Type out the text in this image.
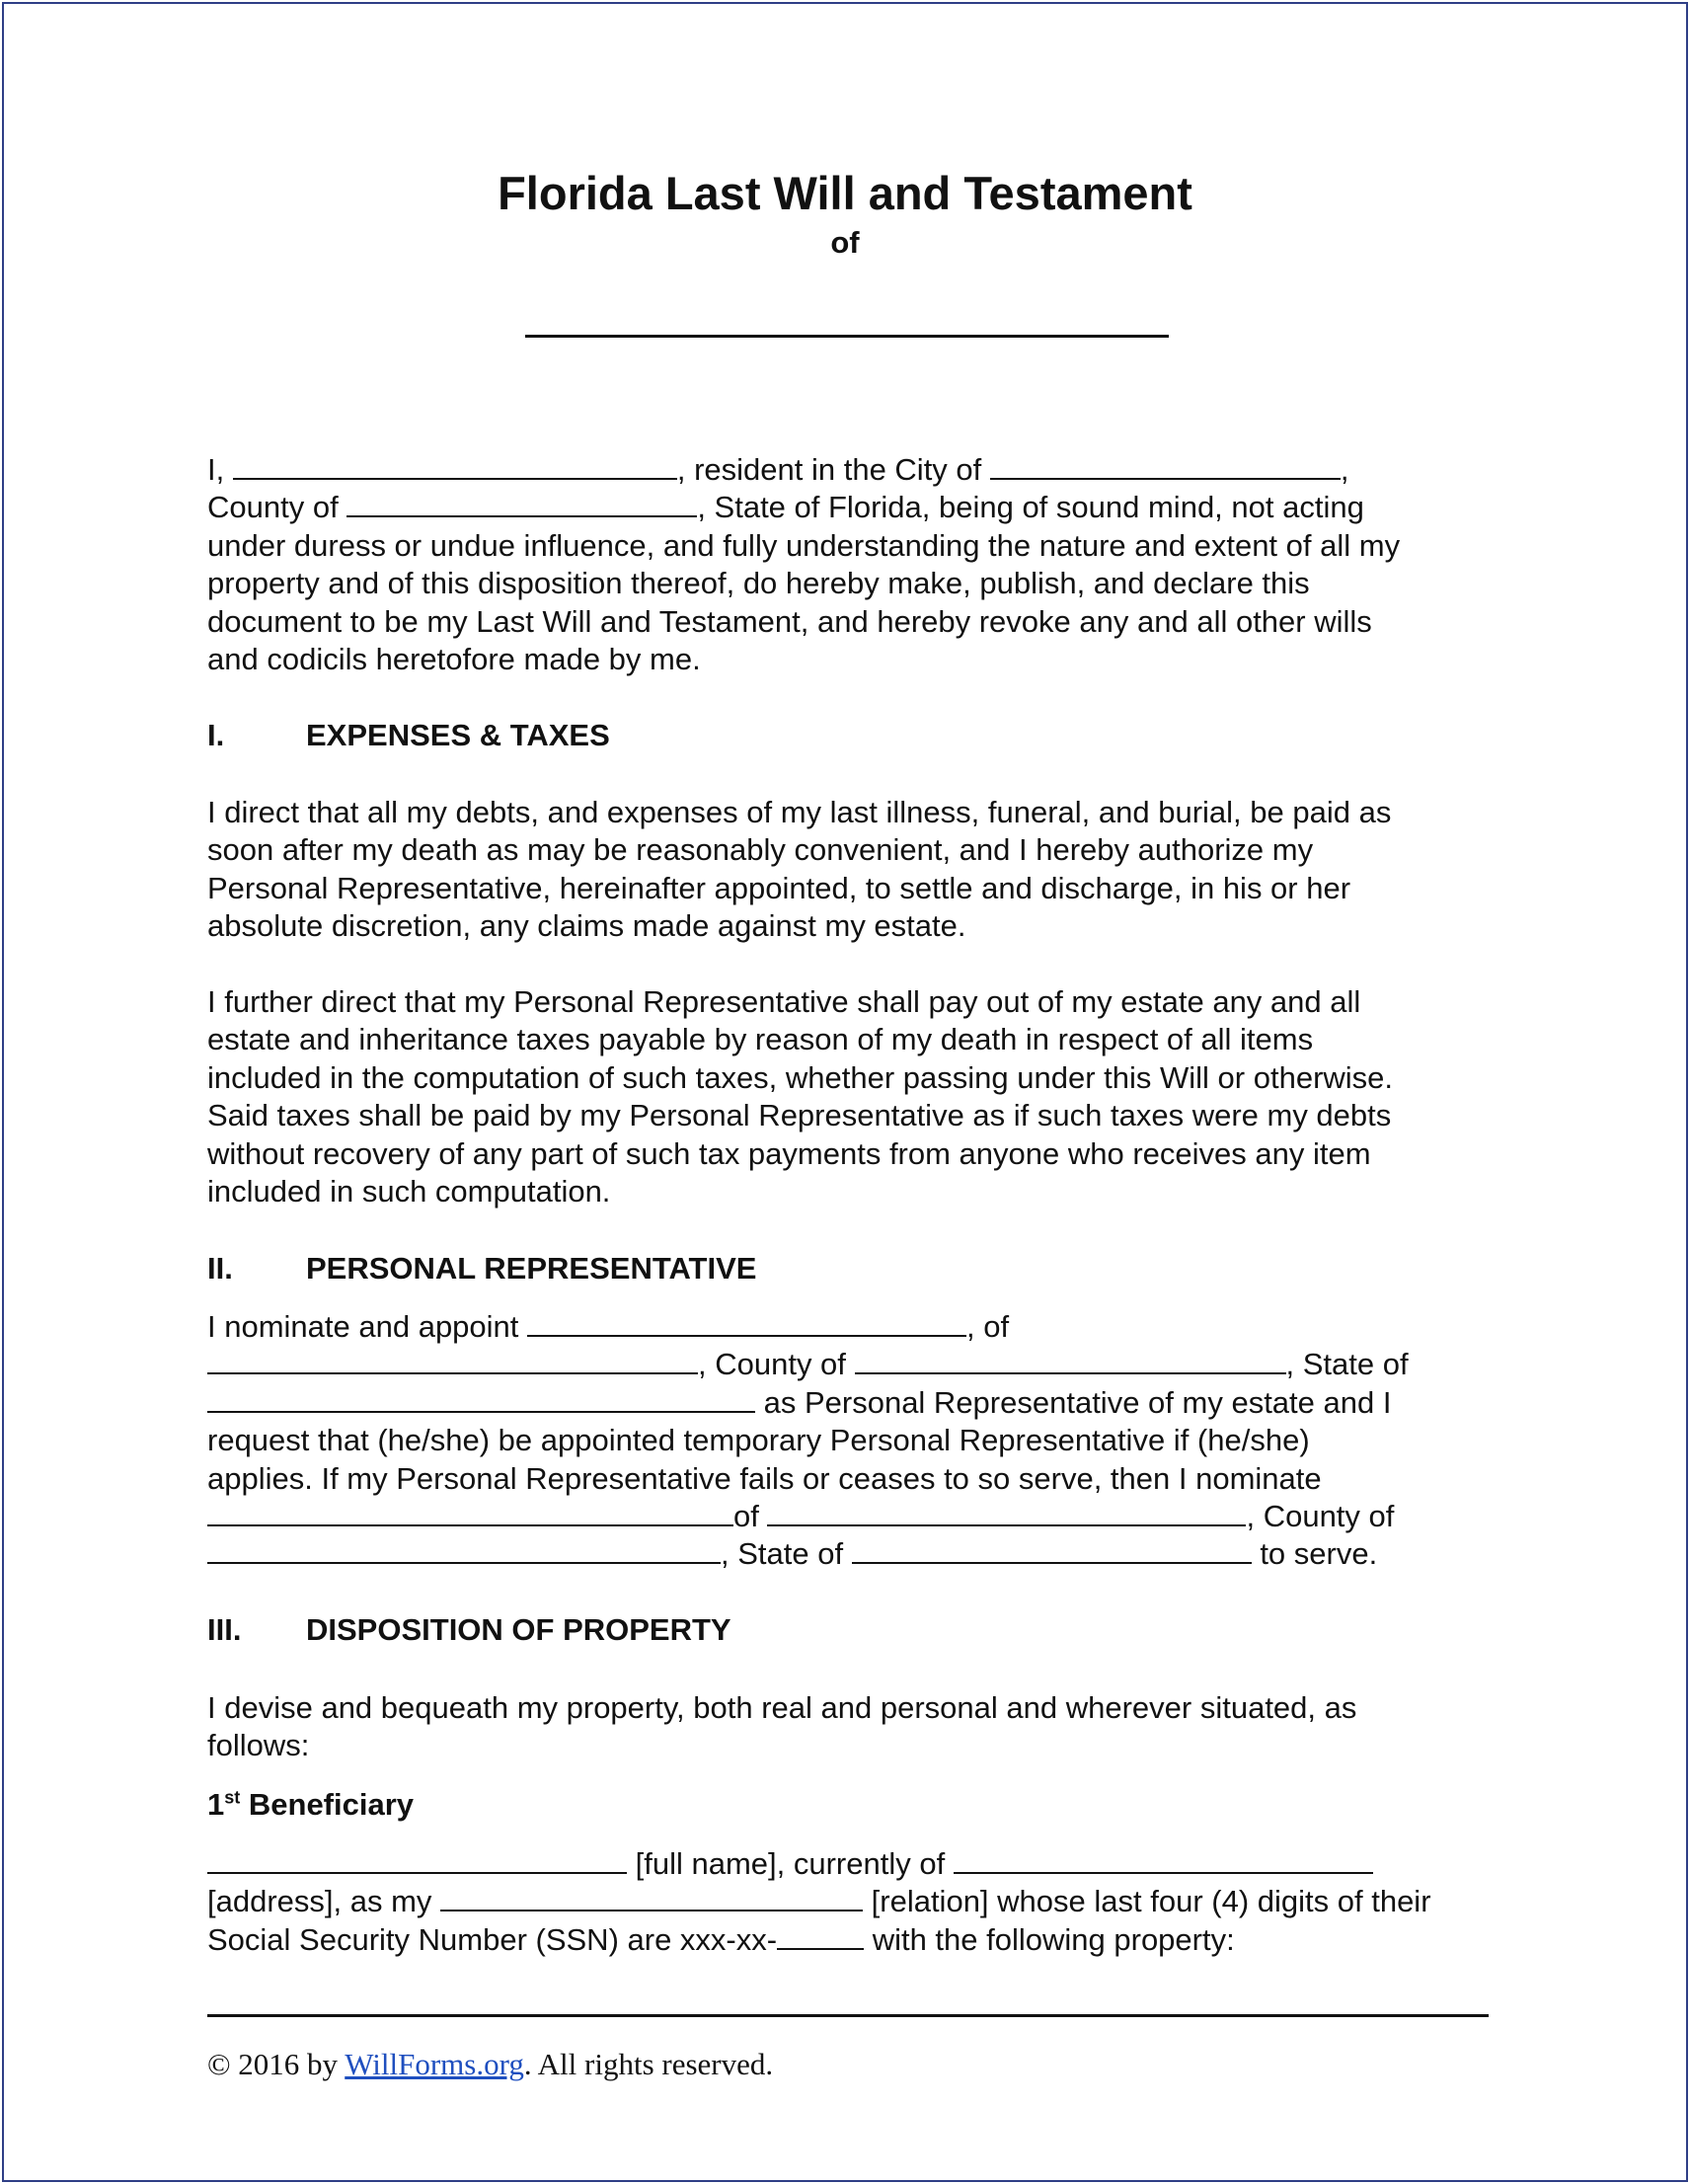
Florida Last Will and Testament
of

I,	, resident in the City of	,

County of	, State of Florida, being of sound mind, not acting

under duress or undue influence, and fully understanding the nature and extent of all my

property and of this disposition thereof, do hereby make, publish, and declare this

document to be my Last Will and Testament, and hereby revoke any and all other wills

and codicils heretofore made by me.

I.	EXPENSES & TAXES

I direct that all my debts, and expenses of my last illness, funeral, and burial, be paid as

soon after my death as may be reasonably convenient, and I hereby authorize my

Personal Representative, hereinafter appointed, to settle and discharge, in his or her

absolute discretion, any claims made against my estate.

I further direct that my Personal Representative shall pay out of my estate any and all

estate and inheritance taxes payable by reason of my death in respect of all items

included in the computation of such taxes, whether passing under this Will or otherwise.

Said taxes shall be paid by my Personal Representative as if such taxes were my debts

without recovery of any part of such tax payments from anyone who receives any item

included in such computation.

II. PERSONAL REPRESENTATIVE

I nominate and appoint	, of

, County of	, State of

as Personal Representative of my estate and I

request that (he/she) be appointed temporary Personal Representative if (he/she)

applies. If my Personal Representative fails or ceases to so serve, then I nominate

of	, County of

, State of	to serve.

III. DISPOSITION OF PROPERTY

I devise and bequeath my property, both real and personal and wherever situated, as

follows:

1st Beneficiary

[full name], currently of

[address], as my	[relation] whose last four (4) digits of their

Social Security Number (SSN) are xxx-xx-	with the following property:

© 2016 by WillForms.org. All rights reserved.
